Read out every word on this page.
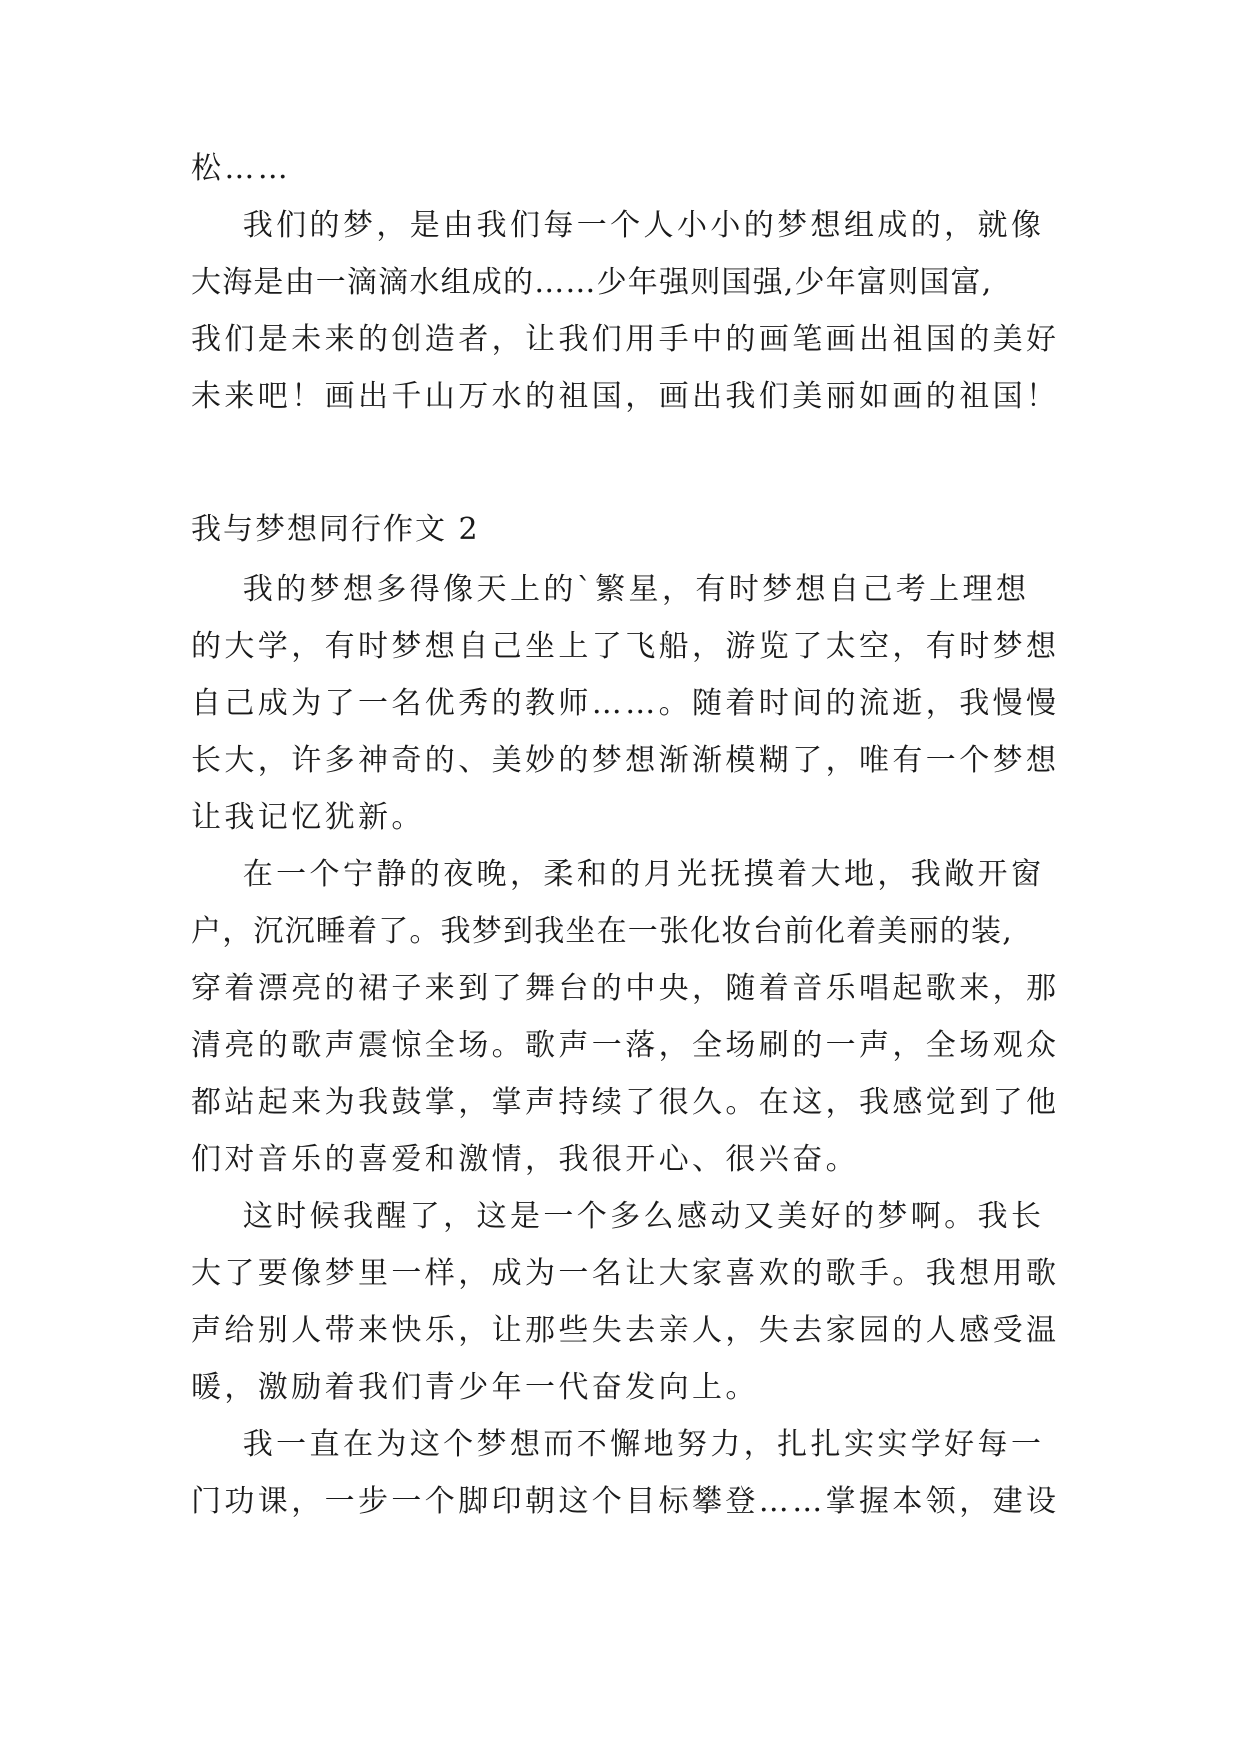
松……
我们的梦，是由我们每一个人小小的梦想组成的，就像
大海是由一滴滴水组成的……少年强则国强,少年富则国富,
我们是未来的创造者，让我们用手中的画笔画出祖国的美好
未来吧！画出千山万水的祖国，画出我们美丽如画的祖国！
我与梦想同行作文 2
我的梦想多得像天上的`繁星，有时梦想自己考上理想
的大学，有时梦想自己坐上了飞船，游览了太空，有时梦想
自己成为了一名优秀的教师……。随着时间的流逝，我慢慢
长大，许多神奇的、美妙的梦想渐渐模糊了，唯有一个梦想
让我记忆犹新。
在一个宁静的夜晚，柔和的月光抚摸着大地，我敞开窗
户，沉沉睡着了。我梦到我坐在一张化妆台前化着美丽的装,
穿着漂亮的裙子来到了舞台的中央，随着音乐唱起歌来，那
清亮的歌声震惊全场。歌声一落，全场刷的一声，全场观众
都站起来为我鼓掌，掌声持续了很久。在这，我感觉到了他
们对音乐的喜爱和激情，我很开心、很兴奋。
这时候我醒了，这是一个多么感动又美好的梦啊。我长
大了要像梦里一样，成为一名让大家喜欢的歌手。我想用歌
声给别人带来快乐，让那些失去亲人，失去家园的人感受温
暖，激励着我们青少年一代奋发向上。
我一直在为这个梦想而不懈地努力，扎扎实实学好每一
门功课，一步一个脚印朝这个目标攀登……掌握本领，建设
